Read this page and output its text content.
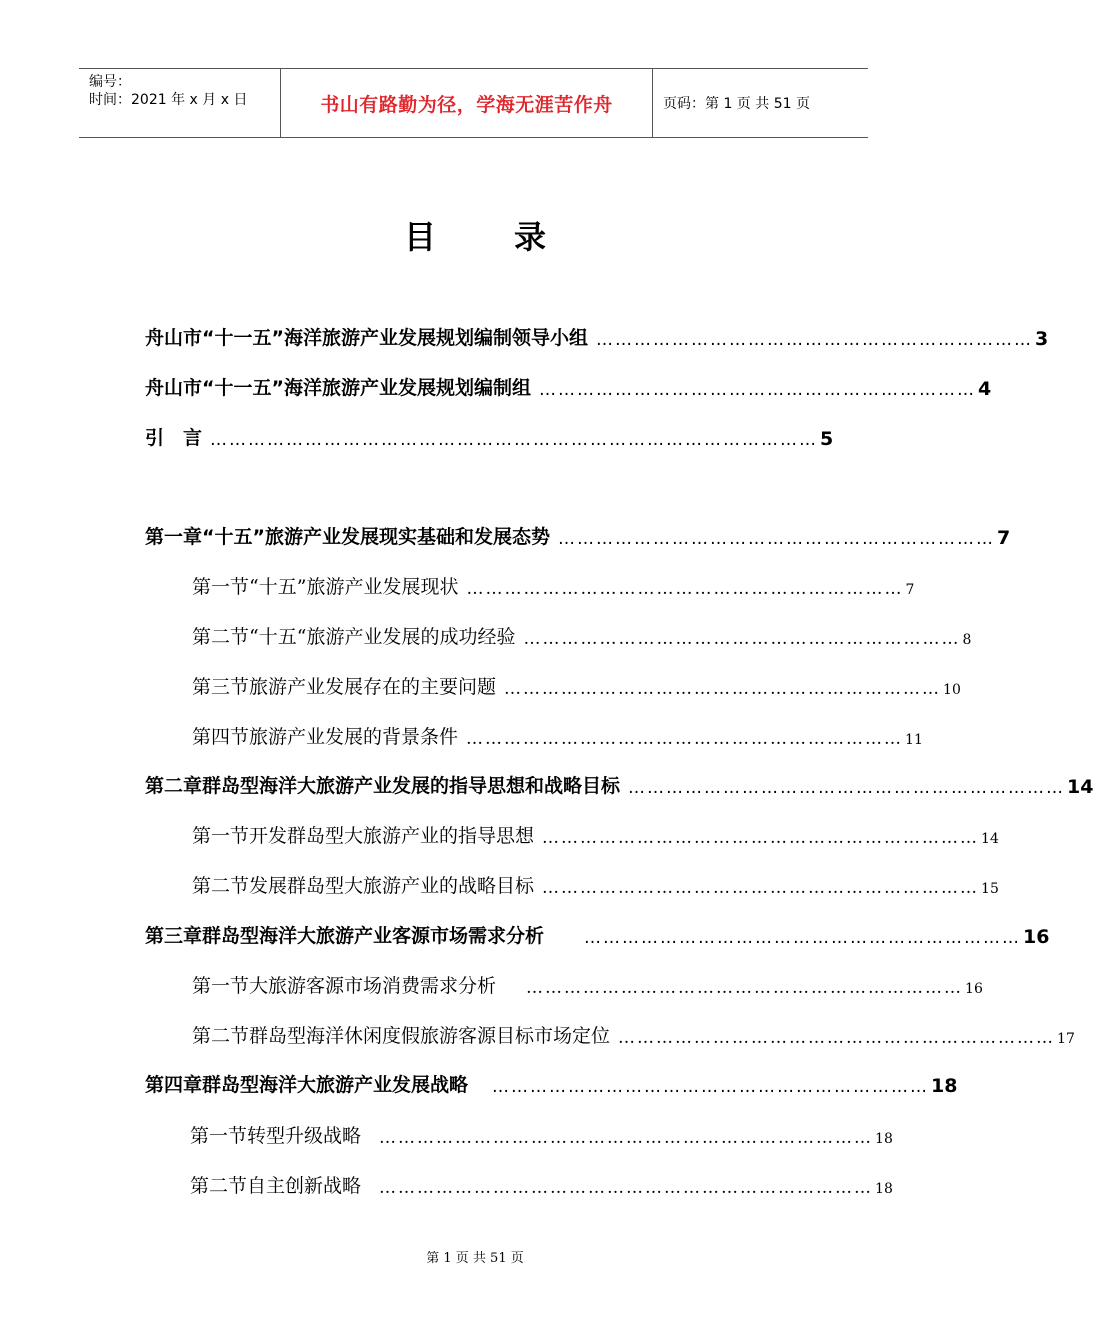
编号：
时间：2021 年 x 月 x 日	书山有路勤为径，学海无涯苦作舟	页码：第 1 页 共 51 页
目录
舟山市“十一五”海洋旅游产业发展规划编制领导小组 …………………………………………………………… 3
舟山市“十一五”海洋旅游产业发展规划编制组 …………………………………………………………… 4
引　言 …………………………………………………………………………………… 5
第一章 “十五”旅游产业发展现实基础和发展态势 …………………………………………………………… 7
第一节 “十五”旅游产业发展现状 …………………………………………………………… 7
第二节 “十五“旅游产业发展的成功经验 …………………………………………………………… 8
第三节 旅游产业发展存在的主要问题 …………………………………………………………… 10
第四节 旅游产业发展的背景条件 …………………………………………………………… 11
第二章 群岛型海洋大旅游产业发展的指导思想和战略目标 …………………………………………………………… 14
第一节 开发群岛型大旅游产业的指导思想 …………………………………………………………… 14
第二节 发展群岛型大旅游产业的战略目标 …………………………………………………………… 15
第三章 群岛型海洋大旅游产业客源市场需求分析 …………………………………………………………… 16
第一节 大旅游客源市场消费需求分析 …………………………………………………………… 16
第二节 群岛型海洋休闲度假旅游客源目标市场定位 …………………………………………………………… 17
第四章 群岛型海洋大旅游产业发展战略 …………………………………………………………… 18
第一节 转型升级战略 …………………………………………………………………… 18
第二节 自主创新战略 …………………………………………………………………… 18
第 1 页 共 51 页
